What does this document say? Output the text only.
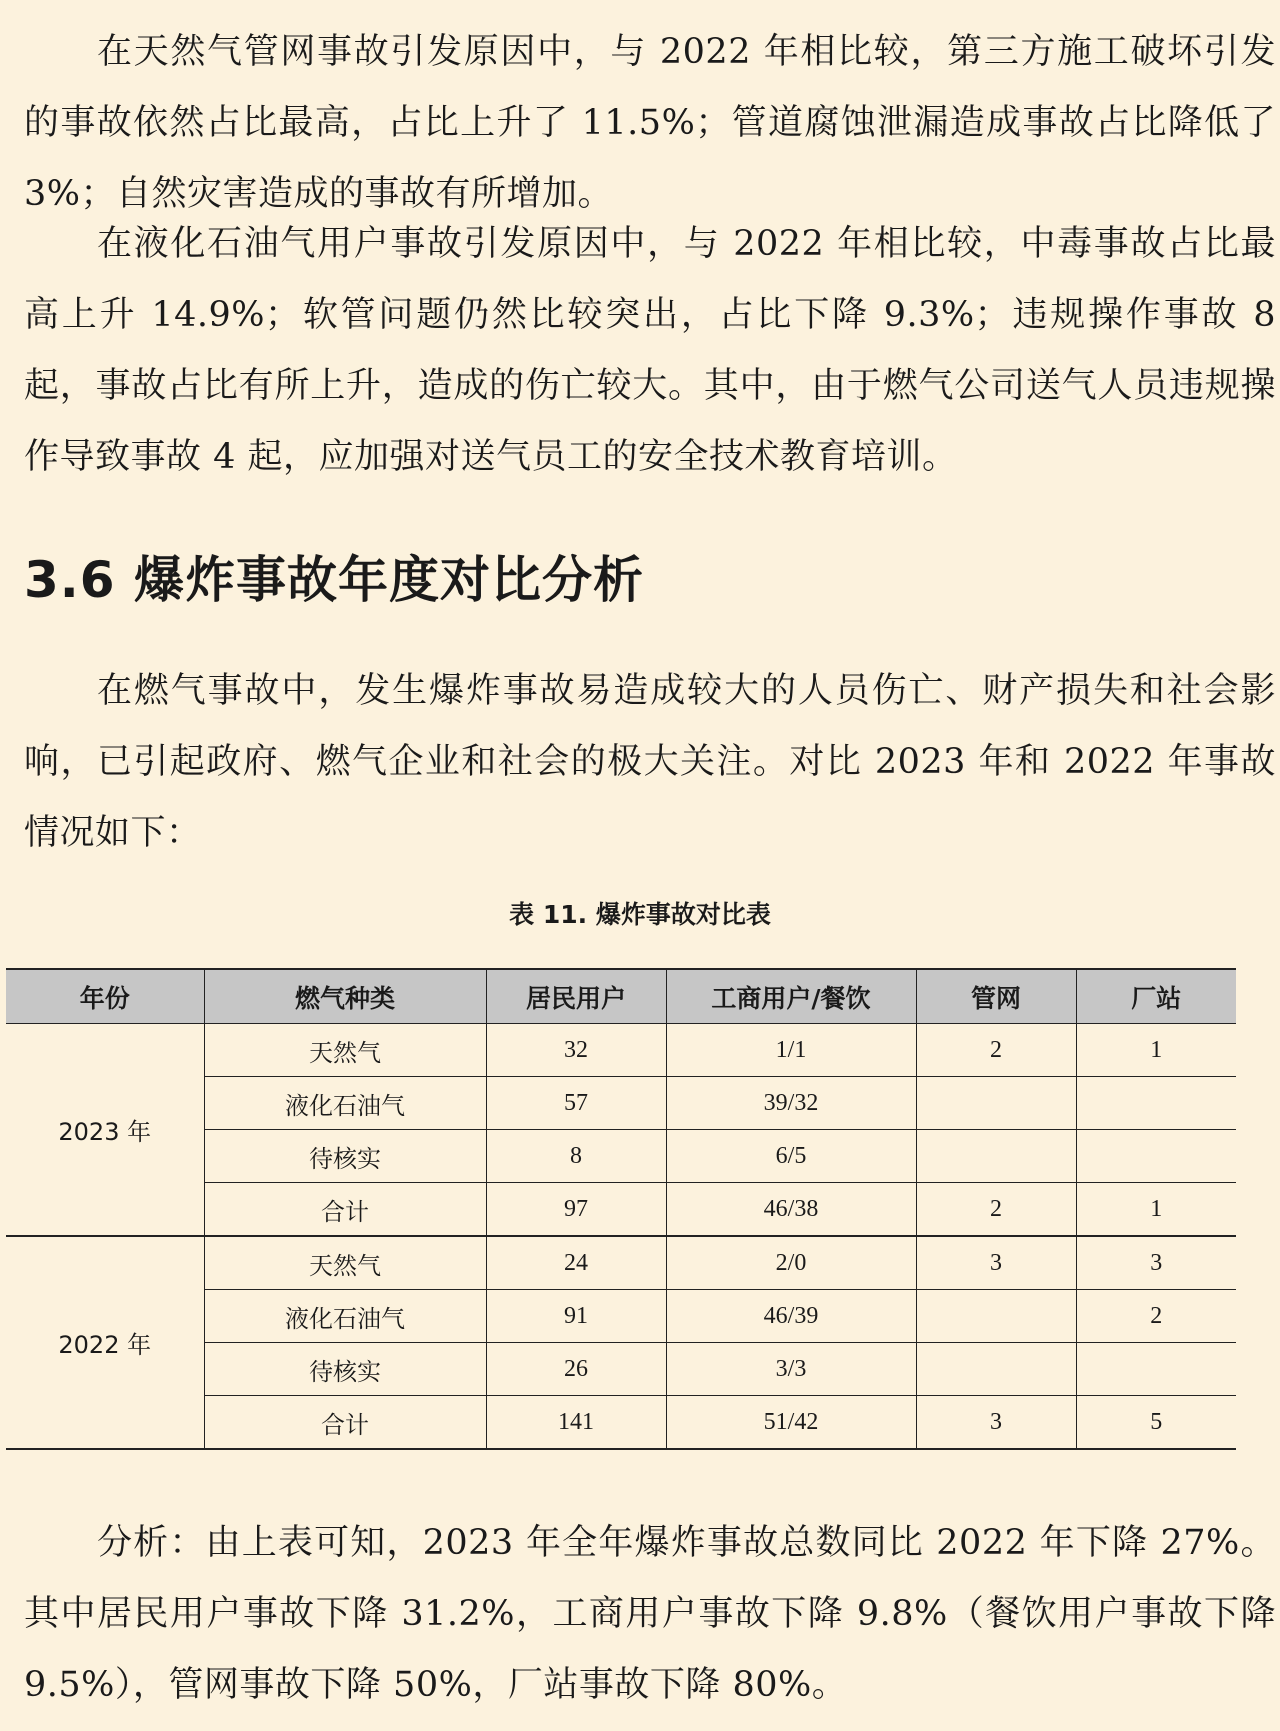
在天然气管网事故引发原因中，与 2022 年相比较，第三方施工破坏引发的事故依然占比最高，占比上升了 11.5%；管道腐蚀泄漏造成事故占比降低了 3%；自然灾害造成的事故有所增加。

在液化石油气用户事故引发原因中，与 2022 年相比较，中毒事故占比最高上升 14.9%；软管问题仍然比较突出，占比下降 9.3%；违规操作事故 8 起，事故占比有所上升，造成的伤亡较大。其中，由于燃气公司送气人员违规操作导致事故 4 起，应加强对送气员工的安全技术教育培训。

3.6 爆炸事故年度对比分析

在燃气事故中，发生爆炸事故易造成较大的人员伤亡、财产损失和社会影响，已引起政府、燃气企业和社会的极大关注。对比 2023 年和 2022 年事故情况如下：

表 11. 爆炸事故对比表
年份	燃气种类	居民用户	工商用户/餐饮	管网	厂站
2023 年	天然气	32	1/1	2	1
	液化石油气	57	39/32		
	待核实	8	6/5		
	合计	97	46/38	2	1
2022 年	天然气	24	2/0	3	3
	液化石油气	91	46/39		2
	待核实	26	3/3		
	合计	141	51/42	3	5

分析：由上表可知，2023 年全年爆炸事故总数同比 2022 年下降 27%。其中居民用户事故下降 31.2%，工商用户事故下降 9.8%（餐饮用户事故下降 9.5%），管网事故下降 50%，厂站事故下降 80%。
